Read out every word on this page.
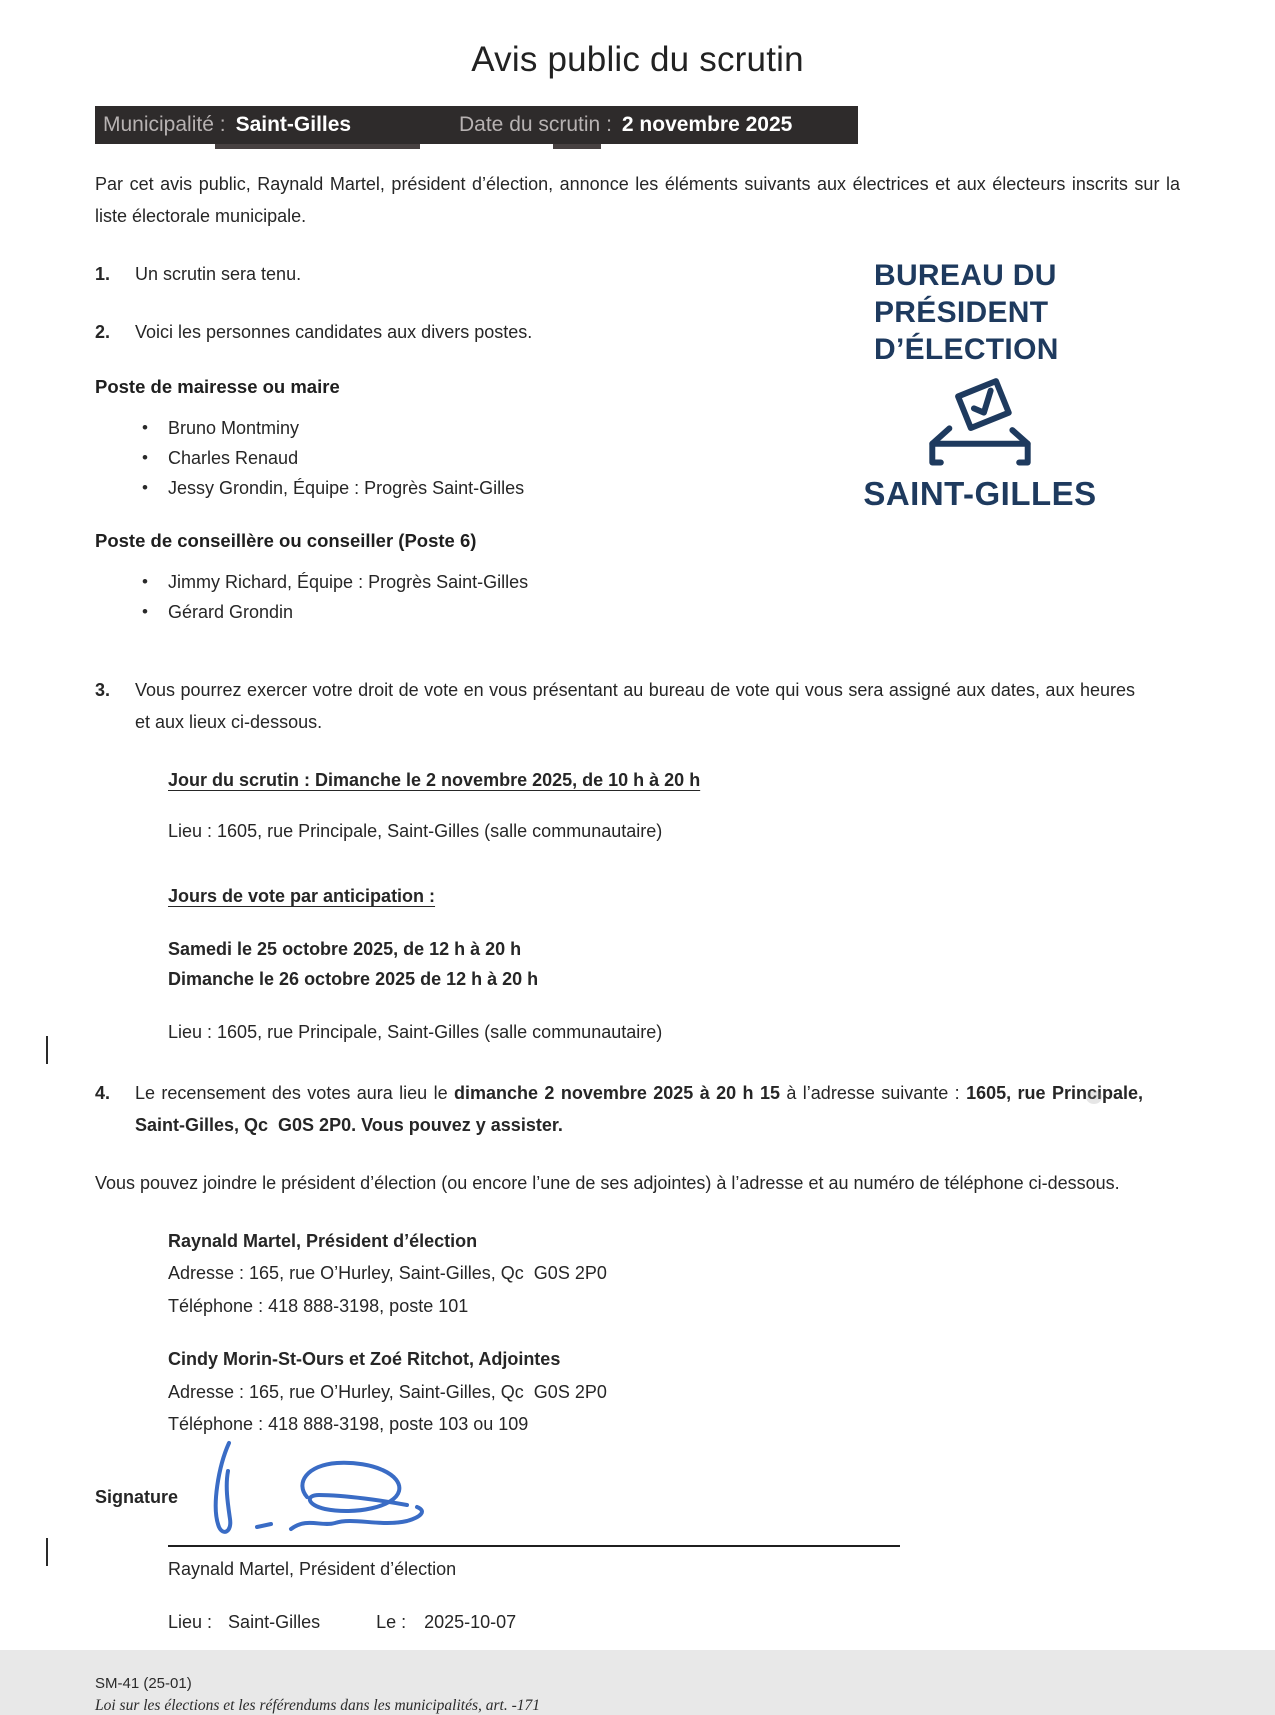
Avis public du scrutin
Municipalité : Saint-Gilles	Date du scrutin : 2 novembre 2025

Par cet avis public, Raynald Martel, président d’élection, annonce les éléments suivants aux électrices et aux électeurs inscrits sur la liste électorale municipale.

1.	Un scrutin sera tenu.
2.	Voici les personnes candidates aux divers postes.
Poste de mairesse ou maire
• Bruno Montminy
• Charles Renaud
• Jessy Grondin, Équipe : Progrès Saint-Gilles
Poste de conseillère ou conseiller (Poste 6)
• Jimmy Richard, Équipe : Progrès Saint-Gilles
• Gérard Grondin
3.	Vous pourrez exercer votre droit de vote en vous présentant au bureau de vote qui vous sera assigné aux dates, aux heures et aux lieux ci-dessous.
Jour du scrutin : Dimanche le 2 novembre 2025, de 10 h à 20 h
Lieu : 1605, rue Principale, Saint-Gilles (salle communautaire)
Jours de vote par anticipation :
Samedi le 25 octobre 2025, de 12 h à 20 h
Dimanche le 26 octobre 2025 de 12 h à 20 h
Lieu : 1605, rue Principale, Saint-Gilles (salle communautaire)
4.	Le recensement des votes aura lieu le dimanche 2 novembre 2025 à 20 h 15 à l’adresse suivante : 1605, rue Principale, Saint-Gilles, Qc  G0S 2P0. Vous pouvez y assister.

Vous pouvez joindre le président d’élection (ou encore l’une de ses adjointes) à l’adresse et au numéro de téléphone ci-dessous.

Raynald Martel, Président d’élection
Adresse : 165, rue O’Hurley, Saint-Gilles, Qc  G0S 2P0
Téléphone : 418 888-3198, poste 101
Cindy Morin-St-Ours et Zoé Ritchot, Adjointes
Adresse : 165, rue O’Hurley, Saint-Gilles, Qc  G0S 2P0
Téléphone : 418 888-3198, poste 103 ou 109
Signature
Raynald Martel, Président d’élection
Lieu : Saint-Gilles	Le : 2025-10-07
SM-41 (25-01)
Loi sur les élections et les référendums dans les municipalités, art. -171
BUREAU DU
PRÉSIDENT
D’ÉLECTION
SAINT-GILLES
